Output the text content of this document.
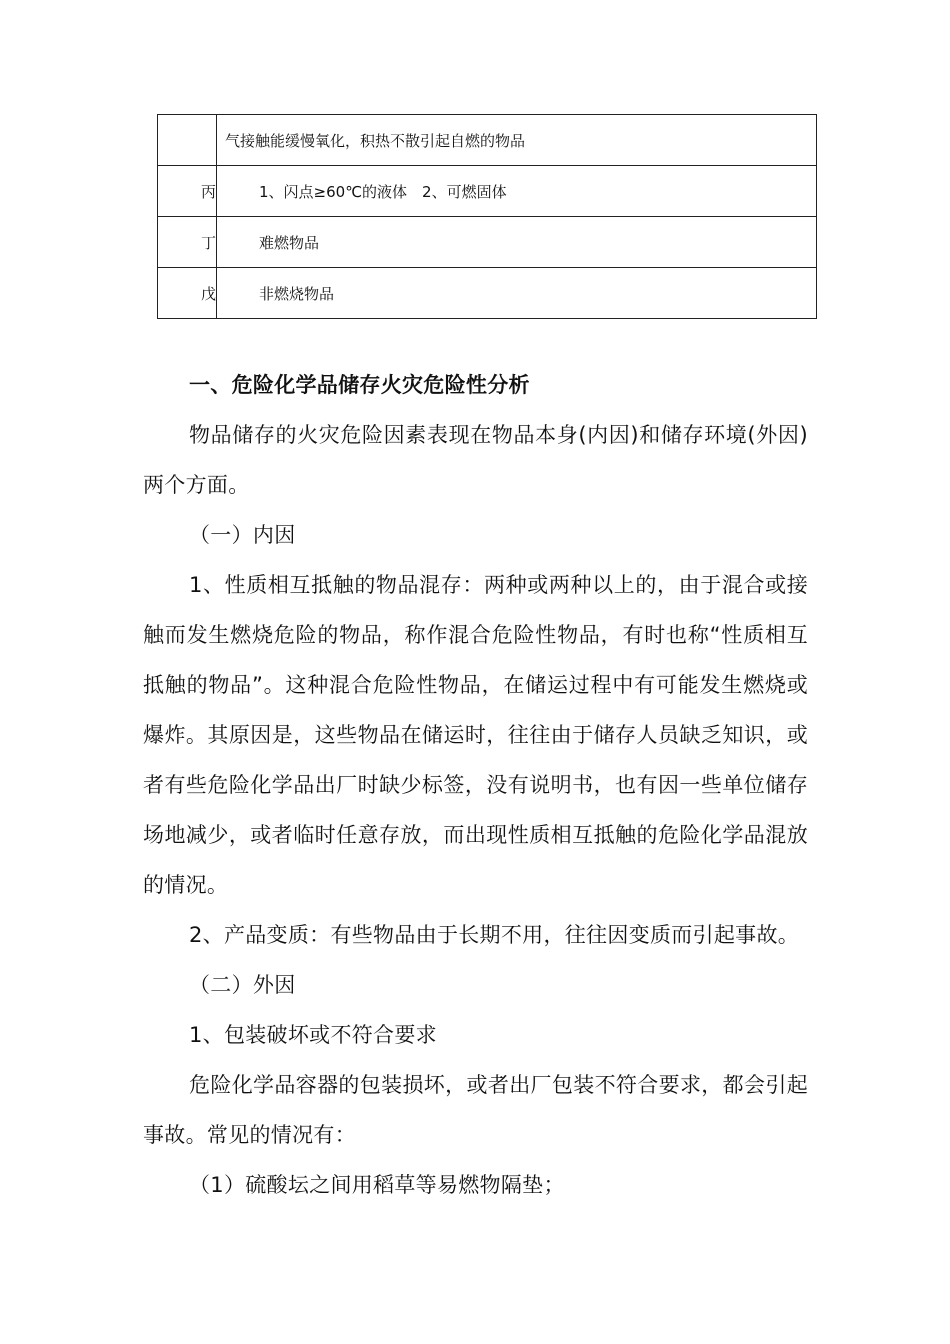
	气接触能缓慢氧化，积热不散引起自燃的物品
丙	1、闪点≥60℃的液体　2、可燃固体
丁	难燃物品
戊	非燃烧物品
一、危险化学品储存火灾危险性分析
物品储存的火灾危险因素表现在物品本身(内因)和储存环境(外因)两个方面。
（一）内因
1、性质相互抵触的物品混存：两种或两种以上的，由于混合或接触而发生燃烧危险的物品，称作混合危险性物品，有时也称“性质相互抵触的物品”。这种混合危险性物品，在储运过程中有可能发生燃烧或爆炸。其原因是，这些物品在储运时，往往由于储存人员缺乏知识，或者有些危险化学品出厂时缺少标签，没有说明书，也有因一些单位储存场地减少，或者临时任意存放，而出现性质相互抵触的危险化学品混放的情况。
2、产品变质：有些物品由于长期不用，往往因变质而引起事故。
（二）外因
1、包装破坏或不符合要求
危险化学品容器的包装损坏，或者出厂包装不符合要求，都会引起事故。常见的情况有：
（1）硫酸坛之间用稻草等易燃物隔垫；
